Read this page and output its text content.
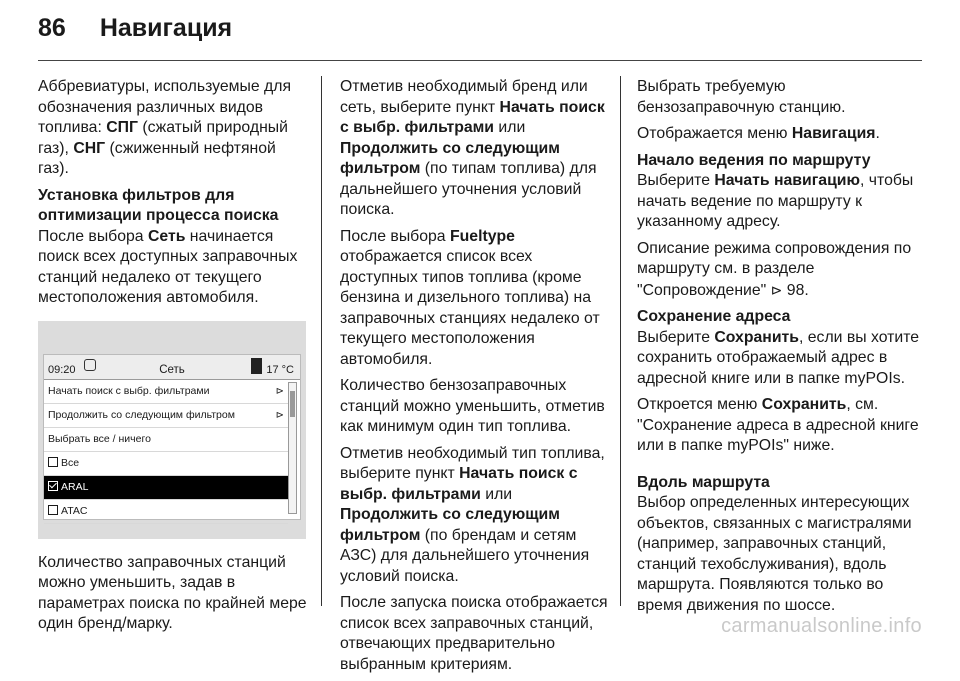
86 Навигация

Аббревиатуры, используемые для обозначения различных видов топлива: СПГ (сжатый природный газ), СНГ (сжиженный нефтяной газ).

Установка фильтров для оптимизации процесса поиска

После выбора Сеть начинается поиск всех доступных заправочных станций недалеко от текущего местоположения автомобиля.

09:20	Сеть	17 °C
Начать поиск с выбр. фильтрами	⊳
Продолжить со следующим фильтром	⊳
Выбрать все / ничего
Все
ARAL
ATAC

Количество заправочных станций можно уменьшить, задав в параметрах поиска по крайней мере один бренд/марку.

Отметив необходимый бренд или сеть, выберите пункт Начать поиск с выбр. фильтрами или Продолжить со следующим фильтром (по типам топлива) для дальнейшего уточнения условий поиска.

После выбора Fueltype отображается список всех доступных типов топлива (кроме бензина и дизельного топлива) на заправочных станциях недалеко от текущего местоположения автомобиля.

Количество бензозаправочных станций можно уменьшить, отметив как минимум один тип топлива.

Отметив необходимый тип топлива, выберите пункт Начать поиск с выбр. фильтрами или Продолжить со следующим фильтром (по брендам и сетям АЗС) для дальнейшего уточнения условий поиска.

После запуска поиска отображается список всех заправочных станций, отвечающих предварительно выбранным критериям.

Выбрать требуемую бензозаправочную станцию.

Отображается меню Навигация.

Начало ведения по маршруту

Выберите Начать навигацию, чтобы начать ведение по маршруту к указанному адресу.

Описание режима сопровождения по маршруту см. в разделе "Сопровождение" ⊳ 98.

Сохранение адреса

Выберите Сохранить, если вы хотите сохранить отображаемый адрес в адресной книге или в папке myPOIs.

Откроется меню Сохранить, см. "Сохранение адреса в адресной книге или в папке myPOIs" ниже.

Вдоль маршрута

Выбор определенных интересующих объектов, связанных с магистралями (например, заправочных станций, станций техобслуживания), вдоль маршрута. Появляются только во время движения по шоссе.

carmanualsonline.info
